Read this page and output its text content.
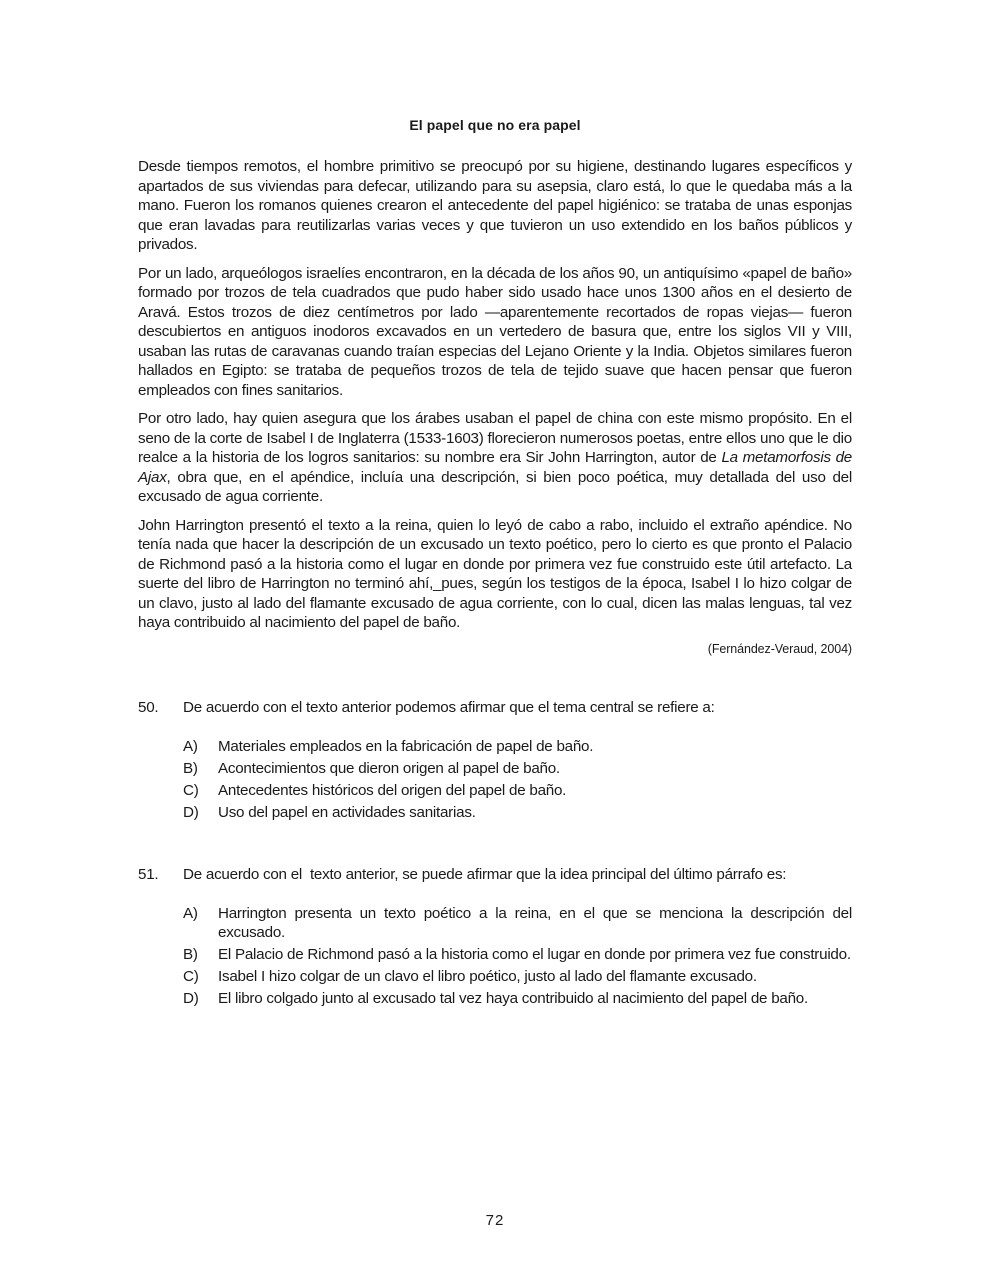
El papel que no era papel

Desde tiempos remotos, el hombre primitivo se preocupó por su higiene, destinando lugares específicos y apartados de sus viviendas para defecar, utilizando para su asepsia, claro está, lo que le quedaba más a la mano. Fueron los romanos quienes crearon el antecedente del papel higiénico: se trataba de unas esponjas que eran lavadas para reutilizarlas varias veces y que tuvieron un uso extendido en los baños públicos y privados.

Por un lado, arqueólogos israelíes encontraron, en la década de los años 90, un antiquísimo «papel de baño» formado por trozos de tela cuadrados que pudo haber sido usado hace unos 1300 años en el desierto de Aravá. Estos trozos de diez centímetros por lado —aparentemente recortados de ropas viejas— fueron descubiertos en antiguos inodoros excavados en un vertedero de basura que, entre los siglos VII y VIII, usaban las rutas de caravanas cuando traían especias del Lejano Oriente y la India. Objetos similares fueron hallados en Egipto: se trataba de pequeños trozos de tela de tejido suave que hacen pensar que fueron empleados con fines sanitarios.

Por otro lado, hay quien asegura que los árabes usaban el papel de china con este mismo propósito. En el seno de la corte de Isabel I de Inglaterra (1533-1603) florecieron numerosos poetas, entre ellos uno que le dio realce a la historia de los logros sanitarios: su nombre era Sir John Harrington, autor de La metamorfosis de Ajax, obra que, en el apéndice, incluía una descripción, si bien poco poética, muy detallada del uso del excusado de agua corriente.

John Harrington presentó el texto a la reina, quien lo leyó de cabo a rabo, incluido el extraño apéndice. No tenía nada que hacer la descripción de un excusado un texto poético, pero lo cierto es que pronto el Palacio de Richmond pasó a la historia como el lugar en donde por primera vez fue construido este útil artefacto. La suerte del libro de Harrington no terminó ahí,_pues, según los testigos de la época, Isabel I lo hizo colgar de un clavo, justo al lado del flamante excusado de agua corriente, con lo cual, dicen las malas lenguas, tal vez haya contribuido al nacimiento del papel de baño.

(Fernández-Veraud, 2004)
50.	De acuerdo con el texto anterior podemos afirmar que el tema central se refiere a:
A)	Materiales empleados en la fabricación de papel de baño.
B)	Acontecimientos que dieron origen al papel de baño.
C)	Antecedentes históricos del origen del papel de baño.
D)	Uso del papel en actividades sanitarias.
51.	De acuerdo con el  texto anterior, se puede afirmar que la idea principal del último párrafo es:
A)	Harrington presenta un texto poético a la reina, en el que se menciona la descripción del excusado.
B)	El Palacio de Richmond pasó a la historia como el lugar en donde por primera vez fue construido.
C)	Isabel I hizo colgar de un clavo el libro poético, justo al lado del flamante excusado.
D)	El libro colgado junto al excusado tal vez haya contribuido al nacimiento del papel de baño.
72
